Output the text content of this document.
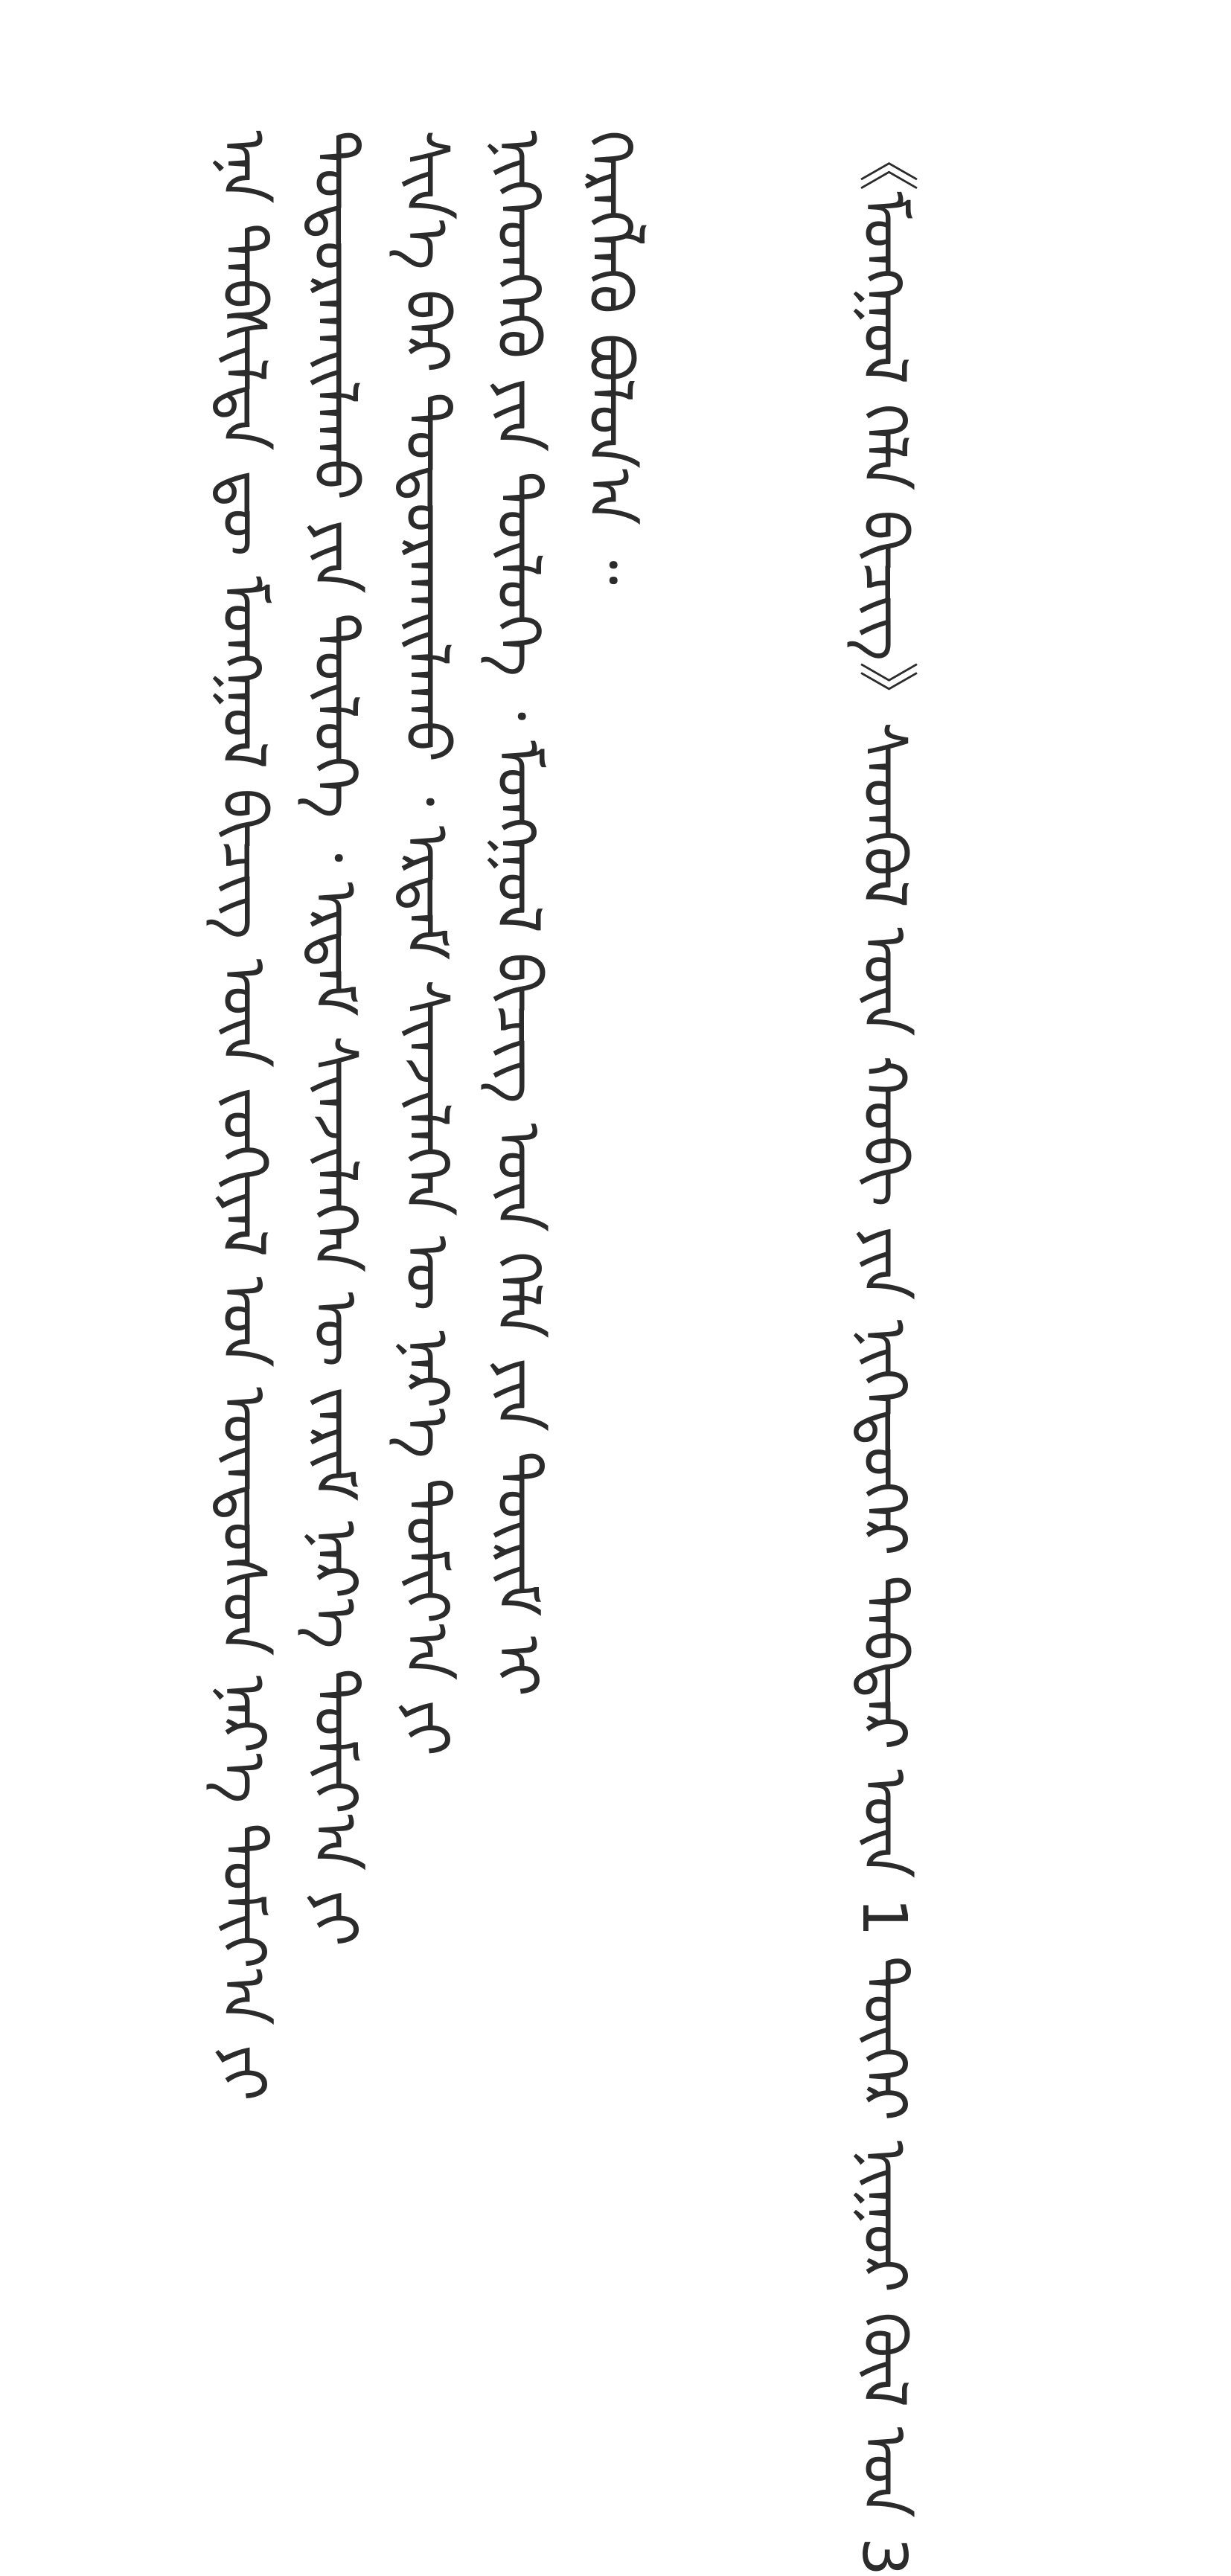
ᠡᠨᠡ ᠲᠡᠪᠰᠢᠯᠲᠡ ᠳᠦ ᠮᠣᠩᠭᠣᠯ ᠪᠢᠴᠢᠭ ᠦᠨ ᠵᠣᠬᠢᠶᠠᠯ ᠤᠨ ᠦᠨᠳᠦᠰᠦᠨ ᠨᠡᠷ᠎ᠡ ᠲᠣᠮᠢᠶ᠎ᠠ ᠶᠢ ᠲᠣᠳᠣᠷᠬᠠᠢᠯᠠᠬᠤ ᠶᠢᠨ ᠲᠥᠯᠥᠭᠡ ᠂ ᠡᠷᠳᠡᠮ ᠰᠢᠨᠵᠢᠯᠡᠭᠡᠨ ᠦ ᠵᠠᠷᠢᠮ ᠨᠡᠷ᠎ᠡ ᠲᠣᠮᠢᠶ᠎ᠠ ᠶᠢ ᠰᠢᠨ᠎ᠡ ᠪᠡᠷ ᠲᠣᠳᠣᠷᠬᠠᠢᠯᠠᠬᠤ ᠂ ᠡᠷᠳᠡᠮ ᠰᠢᠨᠵᠢᠯᠡᠭᠡᠨ ᠦ ᠨᠡᠷ᠎ᠡ ᠲᠣᠮᠢᠶ᠎ᠠ ᠶᠢ ᠨᠢᠭᠡᠳᠭᠡᠬᠦ ᠶᠢᠨ ᠲᠥᠯᠥᠭᠡ ᠂ ᠮᠣᠩᠭᠣᠯ ᠪᠢᠴᠢᠭ ᠦᠨ ᠬᠡᠯᠡ ᠶᠢᠨ ᠳᠦᠷᠢᠮ ᠢ ᠬᠡᠷᠡᠭᠯᠡᠬᠦ ᠪᠣᠯᠤᠨ᠎ᠠ ᠃	《ᠮᠣᠩᠭᠣᠯ ᠬᠡᠯᠡ ᠪᠢᠴᠢᠭ》ᠰᠡᠳᠬᠦᠯ ᠦᠨ ᠬᠣᠪᠢ ᠶᠢᠨ ᠨᠢᠭᠡᠳᠦᠭᠡᠷ ᠳᠡᠪᠲᠡᠷ ᠦᠨ 1 ᠳᠦᠭᠡᠷ ᠨᠢᠭᠤᠷ ᠬᠥᠯ ᠤᠨ 3
